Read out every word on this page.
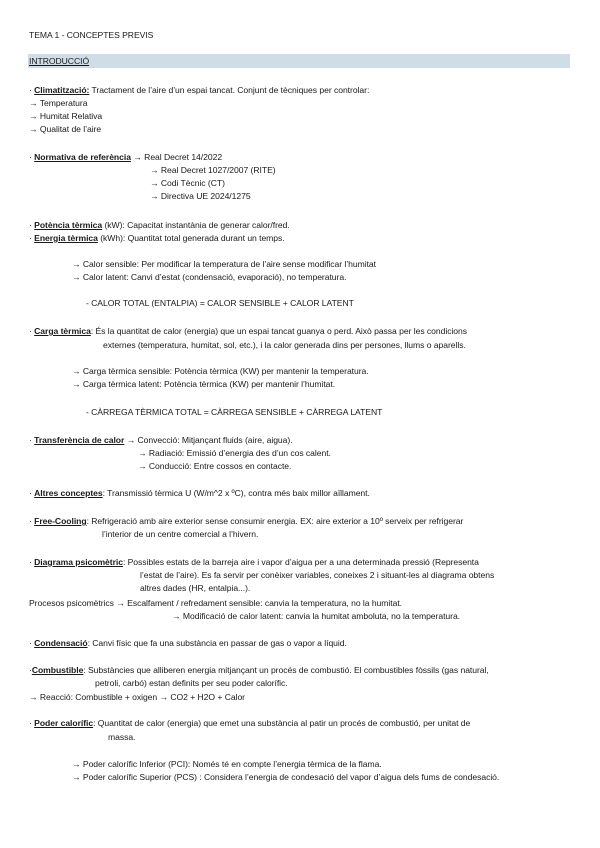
TEMA 1 - CONCEPTES PREVIS
INTRODUCCIÓ
· Climatització: Tractament de l’aire d’un espai tancat. Conjunt de tècniques per controlar:
→ Temperatura
→ Humitat Relativa
→ Qualitat de l’aire
· Normativa de referència → Real Decret 14/2022
→ Real Decret 1027/2007 (RITE)
→ Codi Tècnic (CT)
→ Directiva UE 2024/1275
· Potència tèrmica (kW): Capacitat instantània de generar calor/fred.
· Energia tèrmica (kWh): Quantitat total generada durant un temps.
→ Calor sensible: Per modificar la temperatura de l’aire sense modificar l’humitat
→ Calor latent: Canvi d’estat (condensació, evaporació), no temperatura.
- CALOR TOTAL (ENTALPIA) = CALOR SENSIBLE + CALOR LATENT
· Carga tèrmica: És la quantitat de calor (energia) que un espai tancat guanya o perd. Això passa per les condicions
externes (temperatura, humitat, sol, etc.), i la calor generada dins per persones, llums o aparells.
→ Carga tèrmica sensible: Potència tèrmica (KW) per mantenir la temperatura.
→ Carga tèrmica latent: Potència tèrmica (KW) per mantenir l’humitat.
- CÀRREGA TÈRMICA TOTAL = CÀRREGA SENSIBLE + CÀRREGA LATENT
· Transferència de calor → Convecció: Mitjançant fluids (aire, aigua).
→ Radiació: Emissió d’energia des d’un cos calent.
→ Conducció: Entre cossos en contacte.
· Altres conceptes: Transmissió tèrmica U (W/m^2 x ºC), contra més baix millor aïllament.
· Free-Cooling: Refrigeració amb aire exterior sense consumir energia. EX: aire exterior a 10º serveix per refrigerar
l’interior de un centre comercial a l’hivern.
· Diagrama psicomètric: Possibles estats de la barreja aire i vapor d’aigua per a una determinada pressió (Representa
l’estat de l’aire). Es fa servir per conèixer variables, coneixes 2 i situant-les al diagrama obtens
altres dades (HR, entalpia...).
Procesos psicomètrics → Escalfament / refredament sensible: canvia la temperatura, no la humitat.
→ Modificació de calor latent: canvia la humitat amboluta, no la temperatura.
· Condensació: Canvi físic que fa una substància en passar de gas o vapor a líquid.
·Combustible: Substàncies que alliberen energia mitjançant un procés de combustió. El combustibles fòssils (gas natural,
petroli, carbó) estan definits per seu poder calorífic.
→ Reacció: Combustible + oxigen → CO2 + H2O + Calor
· Poder calorífic: Quantitat de calor (energia) que emet una substància al patir un procés de combustió, per unitat de
massa.
→ Poder calorífic Inferior (PCI): Només té en compte l’energia tèrmica de la flama.
→ Poder calorífic Superior (PCS) : Considera l’energia de condesació del vapor d’aigua dels fums de condesació.
